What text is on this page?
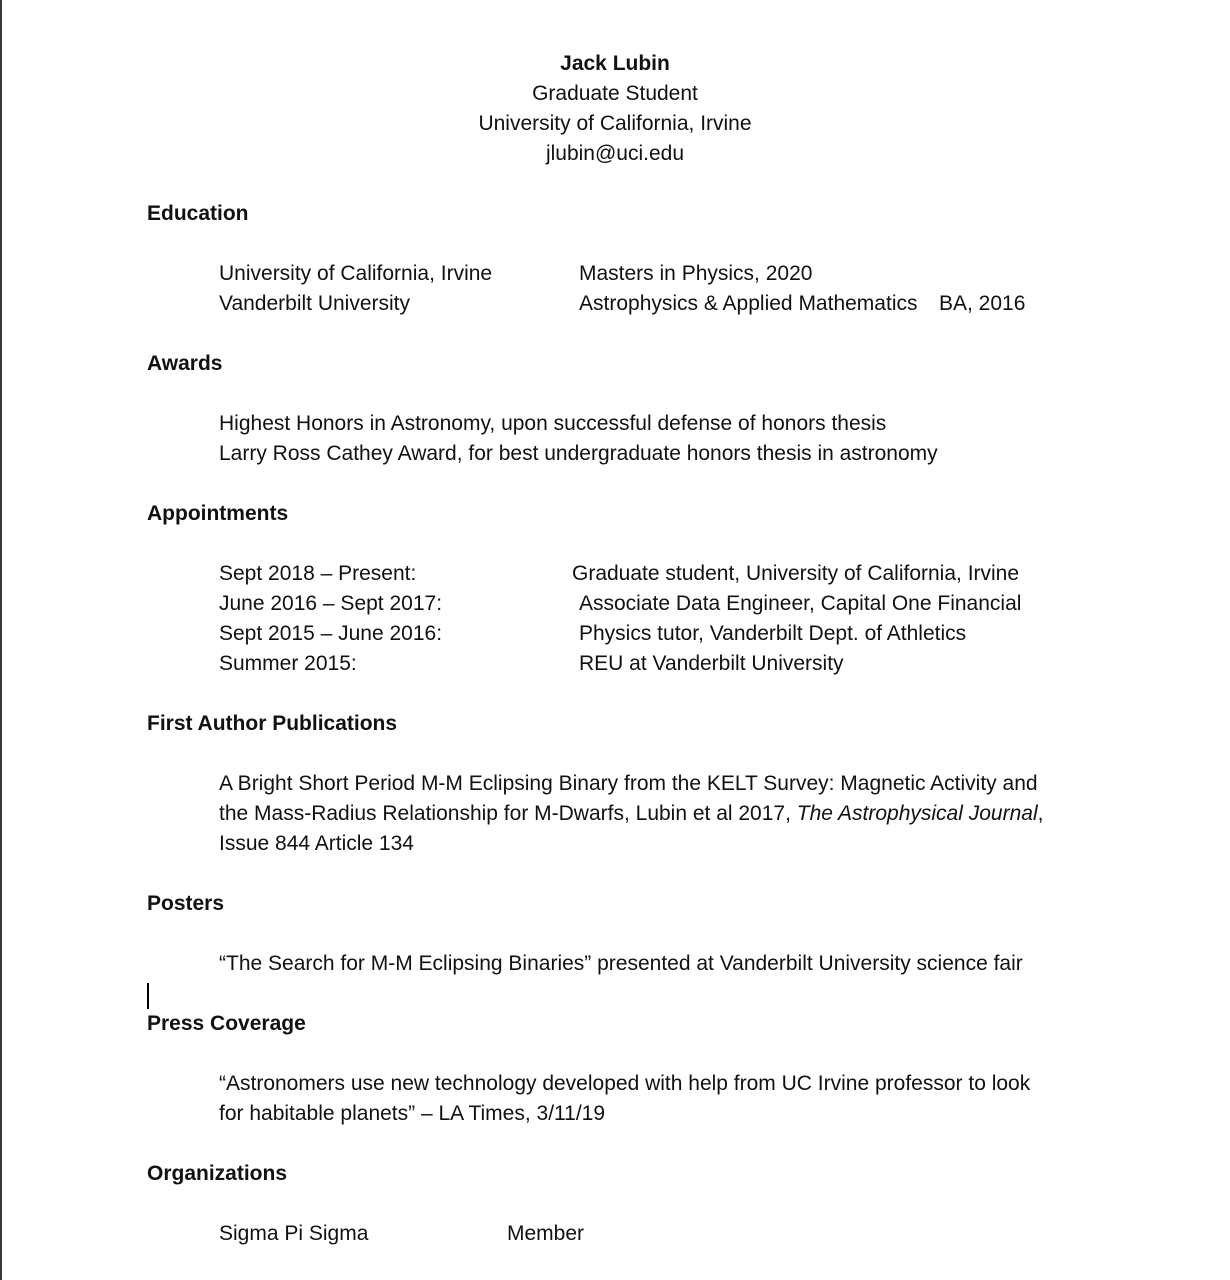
Jack Lubin
Graduate Student
University of California, Irvine
jlubin@uci.edu
Education
University of California, Irvine	Masters in Physics, 2020
Vanderbilt University	Astrophysics & Applied Mathematics BA, 2016
Awards
Highest Honors in Astronomy, upon successful defense of honors thesis
Larry Ross Cathey Award, for best undergraduate honors thesis in astronomy
Appointments
Sept 2018 – Present:	Graduate student, University of California, Irvine
June 2016 – Sept 2017:	Associate Data Engineer, Capital One Financial
Sept 2015 – June 2016:	Physics tutor, Vanderbilt Dept. of Athletics
Summer 2015:	REU at Vanderbilt University
First Author Publications
A Bright Short Period M-M Eclipsing Binary from the KELT Survey: Magnetic Activity and
the Mass-Radius Relationship for M-Dwarfs, Lubin et al 2017, The Astrophysical Journal,
Issue 844 Article 134
Posters
“The Search for M-M Eclipsing Binaries” presented at Vanderbilt University science fair
Press Coverage
“Astronomers use new technology developed with help from UC Irvine professor to look
for habitable planets” – LA Times, 3/11/19
Organizations
Sigma Pi Sigma	Member
